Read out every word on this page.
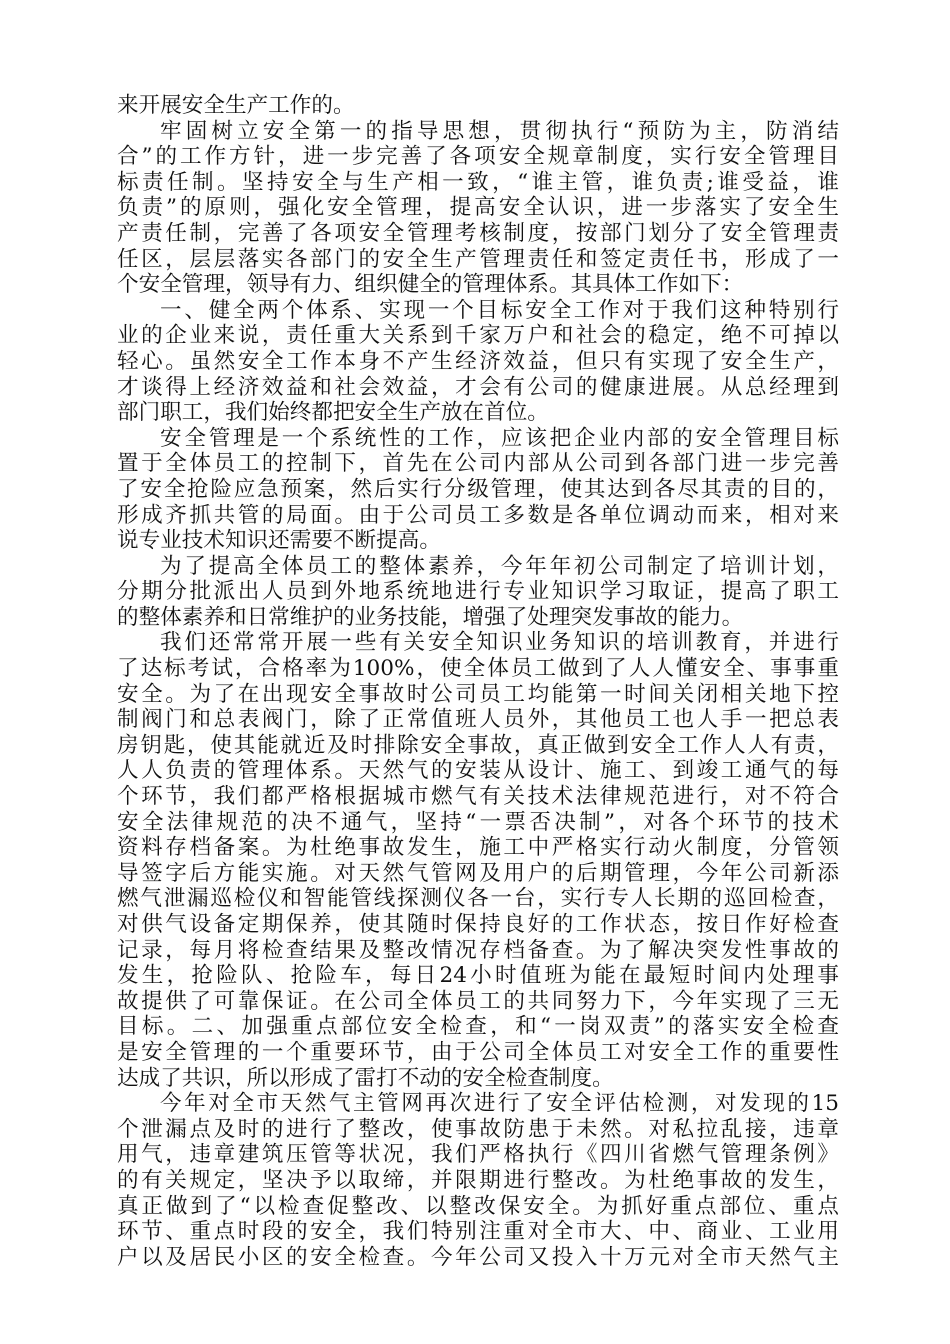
来开展安全生产工作的。
牢固树立安全第一的指导思想，贯彻执行“预防为主，防消结
合”的工作方针，进一步完善了各项安全规章制度，实行安全管理目
标责任制。坚持安全与生产相一致，“谁主管，谁负责;谁受益，谁
负责”的原则，强化安全管理，提高安全认识，进一步落实了安全生
产责任制，完善了各项安全管理考核制度，按部门划分了安全管理责
任区，层层落实各部门的安全生产管理责任和签定责任书，形成了一
个安全管理，领导有力、组织健全的管理体系。其具体工作如下：
一、健全两个体系、实现一个目标安全工作对于我们这种特别行
业的企业来说，责任重大关系到千家万户和社会的稳定，绝不可掉以
轻心。虽然安全工作本身不产生经济效益，但只有实现了安全生产，
才谈得上经济效益和社会效益，才会有公司的健康进展。从总经理到
部门职工，我们始终都把安全生产放在首位。
安全管理是一个系统性的工作，应该把企业内部的安全管理目标
置于全体员工的控制下，首先在公司内部从公司到各部门进一步完善
了安全抢险应急预案，然后实行分级管理，使其达到各尽其责的目的，
形成齐抓共管的局面。由于公司员工多数是各单位调动而来，相对来
说专业技术知识还需要不断提高。
为了提高全体员工的整体素养，今年年初公司制定了培训计划，
分期分批派出人员到外地系统地进行专业知识学习取证，提高了职工
的整体素养和日常维护的业务技能，增强了处理突发事故的能力。
我们还常常开展一些有关安全知识业务知识的培训教育，并进行
了达标考试，合格率为100%，使全体员工做到了人人懂安全、事事重
安全。为了在出现安全事故时公司员工均能第一时间关闭相关地下控
制阀门和总表阀门，除了正常值班人员外，其他员工也人手一把总表
房钥匙，使其能就近及时排除安全事故，真正做到安全工作人人有责，
人人负责的管理体系。天然气的安装从设计、施工、到竣工通气的每
个环节，我们都严格根据城市燃气有关技术法律规范进行，对不符合
安全法律规范的决不通气，坚持“一票否决制”，对各个环节的技术
资料存档备案。为杜绝事故发生，施工中严格实行动火制度，分管领
导签字后方能实施。对天然气管网及用户的后期管理，今年公司新添
燃气泄漏巡检仪和智能管线探测仪各一台，实行专人长期的巡回检查，
对供气设备定期保养，使其随时保持良好的工作状态，按日作好检查
记录，每月将检查结果及整改情况存档备查。为了解决突发性事故的
发生，抢险队、抢险车，每日24小时值班为能在最短时间内处理事
故提供了可靠保证。在公司全体员工的共同努力下，今年实现了三无
目标。二、加强重点部位安全检查，和“一岗双责”的落实安全检查
是安全管理的一个重要环节，由于公司全体员工对安全工作的重要性
达成了共识，所以形成了雷打不动的安全检查制度。
今年对全市天然气主管网再次进行了安全评估检测，对发现的15
个泄漏点及时的进行了整改，使事故防患于未然。对私拉乱接，违章
用气，违章建筑压管等状况，我们严格执行《四川省燃气管理条例》
的有关规定，坚决予以取缔，并限期进行整改。为杜绝事故的发生，
真正做到了“以检查促整改、以整改保安全。为抓好重点部位、重点
环节、重点时段的安全，我们特别注重对全市大、中、商业、工业用
户以及居民小区的安全检查。今年公司又投入十万元对全市天然气主
